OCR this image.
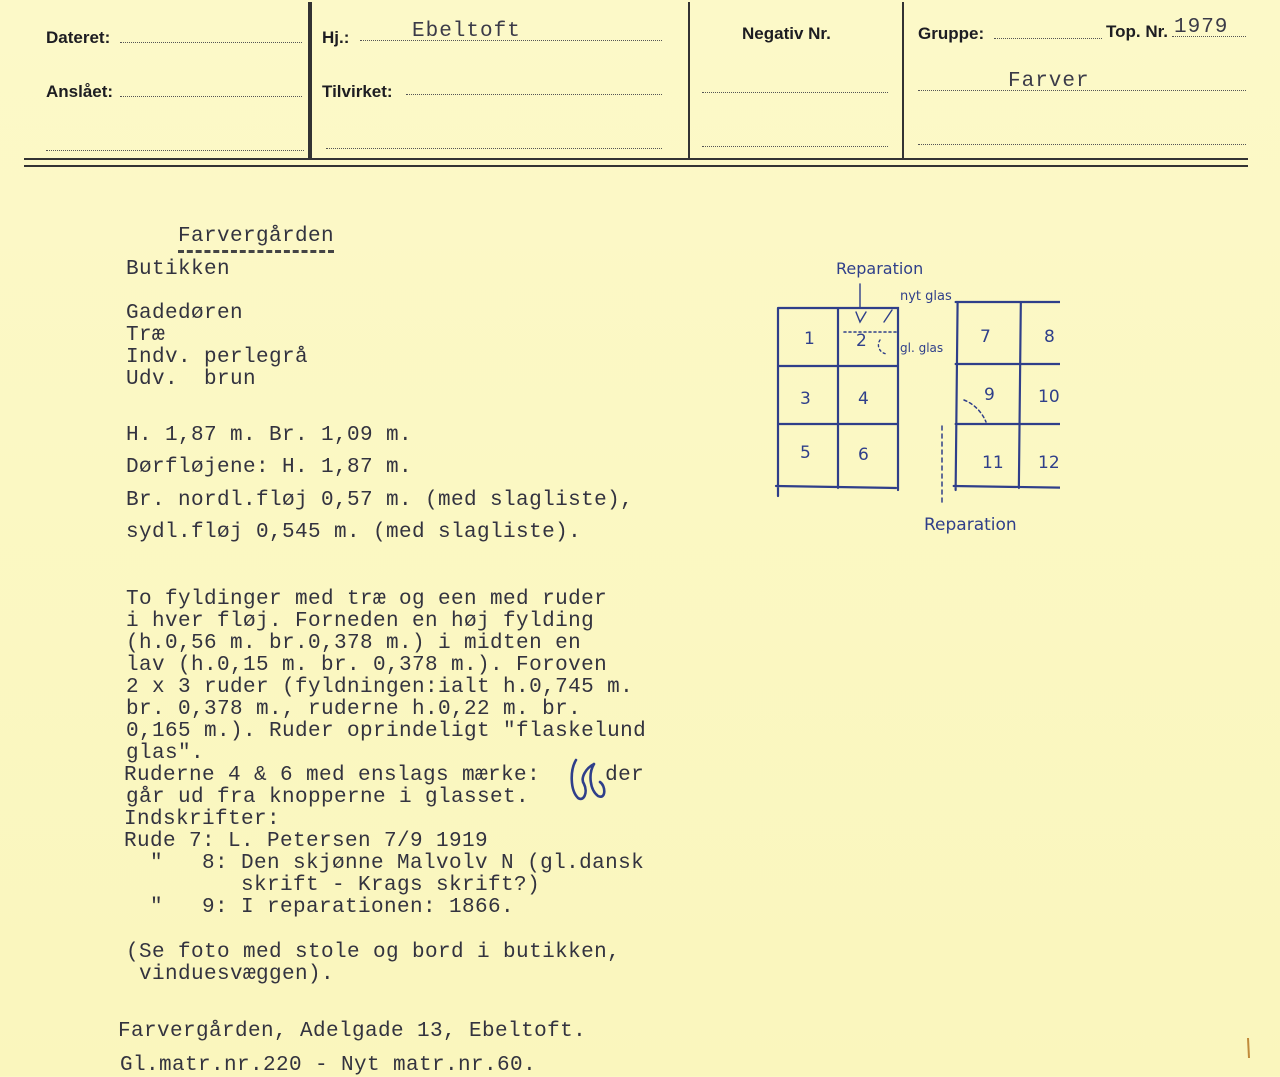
Dateret:
Anslået:
Hj.:	Ebeltoft
Tilvirket:
Negativ Nr.	Gruppe:	Top. Nr. 1979
Farver

Farvergården

Butikken
Gadedøren
Træ
Indv. perlegrå
Udv.  brun
H. 1,87 m. Br. 1,09 m.
Dørfløjene: H. 1,87 m.
Br. nordl.fløj 0,57 m. (med slagliste),
sydl.fløj 0,545 m. (med slagliste).
To fyldinger med træ og een med ruder
i hver fløj. Forneden en høj fylding
(h.0,56 m. br.0,378 m.) i midten en
lav (h.0,15 m. br. 0,378 m.). Foroven
2 x 3 ruder (fyldningen:ialt h.0,745 m.
br. 0,378 m., ruderne h.0,22 m. br.
0,165 m.). Ruder oprindeligt "flaskelund
glas".
Ruderne 4 & 6 med enslags mærke:     der
går ud fra knopperne i glasset.
Indskrifter:
Rude 7: L. Petersen 7/9 1919
"   8: Den skjønne Malvolv N (gl.dansk
skrift - Krags skrift?)
"   9: I reparationen: 1866.
(Se foto med stole og bord i butikken,
vinduesvæggen).
Farvergården, Adelgade 13, Ebeltoft.
Gl.matr.nr.220 - Nyt matr.nr.60.
1 2
3	4
5	6
7	8
9	10
11 12
Reparation
nyt glas
gl. glas
Reparation
